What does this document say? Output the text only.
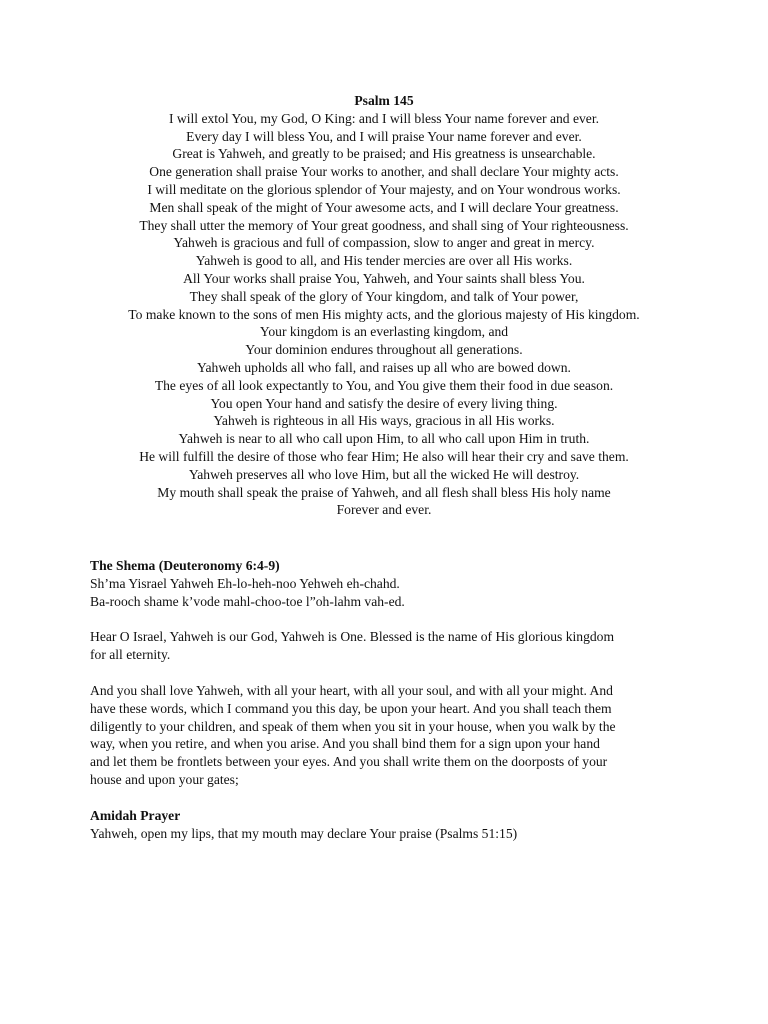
Psalm 145

I will extol You, my God, O King: and I will bless Your name forever and ever.

Every day I will bless You, and I will praise Your name forever and ever.

Great is Yahweh, and greatly to be praised; and His greatness is unsearchable.

One generation shall praise Your works to another, and shall declare Your mighty acts.

I will meditate on the glorious splendor of Your majesty, and on Your wondrous works.

Men shall speak of the might of Your awesome acts, and I will declare Your greatness.

They shall utter the memory of Your great goodness, and shall sing of Your righteousness.

Yahweh is gracious and full of compassion, slow to anger and great in mercy.

Yahweh is good to all, and His tender mercies are over all His works.

All Your works shall praise You, Yahweh, and Your saints shall bless You.

They shall speak of the glory of Your kingdom, and talk of Your power,

To make known to the sons of men His mighty acts, and the glorious majesty of His kingdom.

Your kingdom is an everlasting kingdom, and

Your dominion endures throughout all generations.

Yahweh upholds all who fall, and raises up all who are bowed down.

The eyes of all look expectantly to You, and You give them their food in due season.

You open Your hand and satisfy the desire of every living thing.

Yahweh is righteous in all His ways, gracious in all His works.

Yahweh is near to all who call upon Him, to all who call upon Him in truth.

He will fulfill the desire of those who fear Him; He also will hear their cry and save them.

Yahweh preserves all who love Him, but all the wicked He will destroy.

My mouth shall speak the praise of Yahweh, and all flesh shall bless His holy name

Forever and ever.

The Shema (Deuteronomy 6:4-9)

Sh’ma Yisrael Yahweh Eh-lo-heh-noo Yehweh eh-chahd.

Ba-rooch shame k’vode mahl-choo-toe l”oh-lahm vah-ed.

Hear O Israel, Yahweh is our God, Yahweh is One. Blessed is the name of His glorious kingdom

for all eternity.

And you shall love Yahweh, with all your heart, with all your soul, and with all your might. And

have these words, which I command you this day, be upon your heart. And you shall teach them

diligently to your children, and speak of them when you sit in your house, when you walk by the

way, when you retire, and when you arise. And you shall bind them for a sign upon your hand

and let them be frontlets between your eyes. And you shall write them on the doorposts of your

house and upon your gates;

Amidah Prayer

Yahweh, open my lips, that my mouth may declare Your praise (Psalms 51:15)
